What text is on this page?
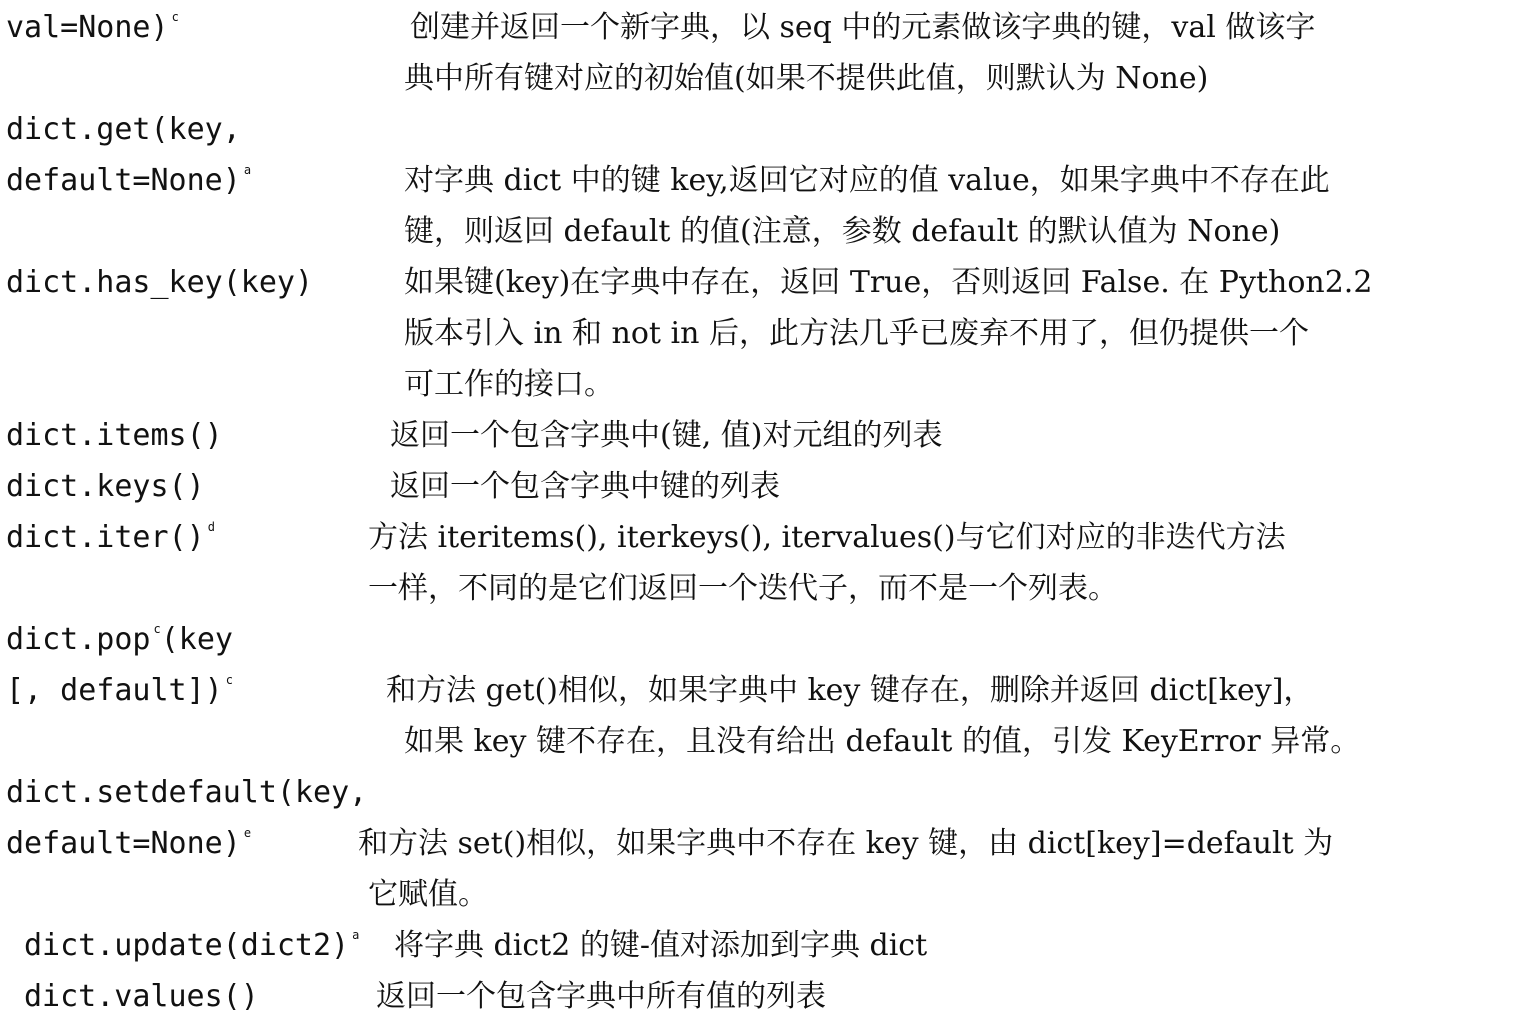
val=None) $^c$	创建并返回一个新字典，以 seq 中的元素做该字典的键，val 做该字
典中所有键对应的初始值(如果不提供此值，则默认为 None)
dict.get(key,
default=None) $^a$	对字典 dict 中的键 key,返回它对应的值 value，如果字典中不存在此
键，则返回 default 的值(注意，参数 default 的默认值为 None)
dict.has_key(key)	如果键(key)在字典中存在，返回 True，否则返回 False. 在 Python2.2
版本引入 in 和 not in 后，此方法几乎已废弃不用了，但仍提供一个
可工作的接口。
dict.items()	返回一个包含字典中(键, 值)对元组的列表
dict.keys()	返回一个包含字典中键的列表
dict.iter() $^d$	方法 iteritems(), iterkeys(), itervalues()与它们对应的非迭代方法
一样，不同的是它们返回一个迭代子，而不是一个列表。
dict.pop $^c$(key
[, default]) $^c$	和方法 get()相似，如果字典中 key 键存在，删除并返回 dict[key]，
如果 key 键不存在，且没有给出 default 的值，引发 KeyError 异常。
dict.setdefault(key,
default=None) $^e$	和方法 set()相似，如果字典中不存在 key 键，由 dict[key]=default 为
它赋值。
dict.update(dict2) $^a$ 将字典 dict2 的键-值对添加到字典 dict
dict.values()	返回一个包含字典中所有值的列表
